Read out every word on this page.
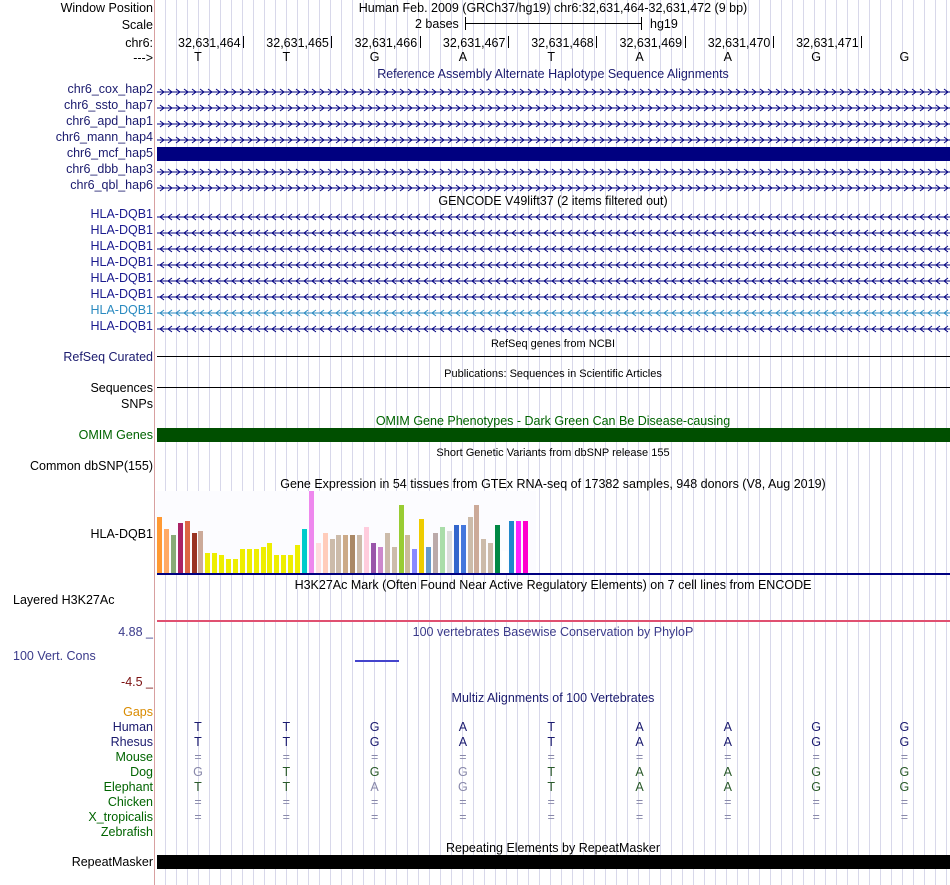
Window Position	Human Feb. 2009 (GRCh37/hg19) chr6:32,631,464-32,631,472 (9 bp)
Scale	2 bases	hg19
chr6: 32,631,464 32,631,465 32,631,466 32,631,467 32,631,468 32,631,469 32,631,470 32,631,471
--->	T	T	G	A	T	A	A	G	G
Reference Assembly Alternate Haplotype Sequence Alignments
chr6_cox_hap2
chr6_ssto_hap7
chr6_apd_hap1
chr6_mann_hap4
chr6_mcf_hap5
chr6_dbb_hap3
chr6_qbl_hap6
GENCODE V49lift37 (2 items filtered out)
HLA-DQB1
HLA-DQB1
HLA-DQB1
HLA-DQB1
HLA-DQB1
HLA-DQB1
HLA-DQB1
HLA-DQB1
RefSeq genes from NCBI
RefSeq Curated
Publications: Sequences in Scientific Articles
Sequences
SNPs
OMIM Gene Phenotypes - Dark Green Can Be Disease-causing
OMIM Genes
Short Genetic Variants from dbSNP release 155
Common dbSNP(155)
Gene Expression in 54 tissues from GTEx RNA-seq of 17382 samples, 948 donors (V8, Aug 2019)
HLA-DQB1
H3K27Ac Mark (Often Found Near Active Regulatory Elements) on 7 cell lines from ENCODE
Layered H3K27Ac
4.88 _	100 vertebrates Basewise Conservation by PhyloP
100 Vert. Cons
-4.5 _
Multiz Alignments of 100 Vertebrates
Gaps
Human	T	T	G	A	T	A	A	G	G
Rhesus	T	T	G	A	T	A	A	G	G
Mouse	=	=	=	=	=	=	=	=	=
Dog	G	T	G	G	T	A	A	G	G
Elephant	T	T	A	G	T	A	A	G	G
Chicken	=	=	=	=	=	=	=	=	=
X_tropicalis	=	=	=	=	=	=	=	=	=
Zebrafish
Repeating Elements by RepeatMasker
RepeatMasker
